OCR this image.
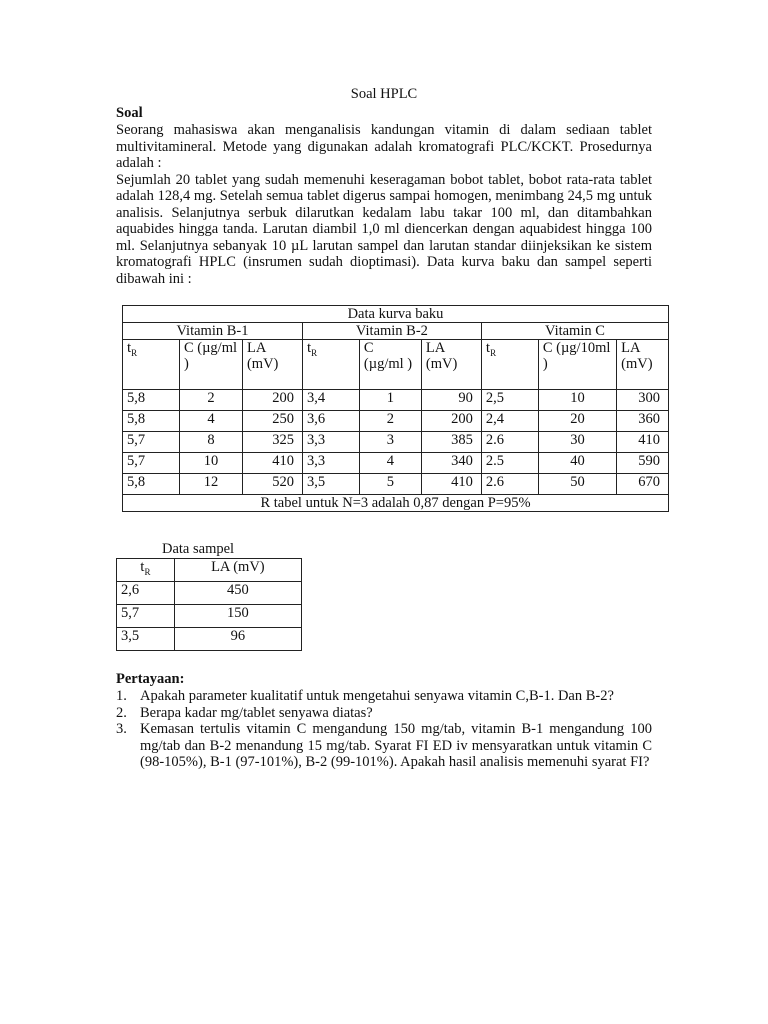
Soal HPLC

Soal

Seorang mahasiswa akan menganalisis kandungan vitamin di dalam sediaan tablet multivitamineral. Metode yang digunakan adalah kromatografi PLC/KCKT. Prosedurnya adalah :

Sejumlah 20 tablet yang sudah memenuhi keseragaman bobot tablet, bobot rata-rata tablet adalah 128,4 mg. Setelah semua tablet digerus sampai homogen, menimbang 24,5 mg untuk analisis. Selanjutnya serbuk dilarutkan kedalam labu takar 100 ml, dan ditambahkan aquabides hingga tanda. Larutan diambil 1,0 ml diencerkan dengan aquabidest hingga 100 ml. Selanjutnya sebanyak 10 µL larutan sampel dan larutan standar diinjeksikan ke sistem kromatografi HPLC (insrumen sudah dioptimasi). Data kurva baku dan sampel seperti dibawah ini :

Data kurva baku								
Vitamin B-1			Vitamin B-2			Vitamin C		
$t_R$	C (µg/ml )	LA (mV)	$t_R$	C (µg/ml )	LA (mV)	$t_R$	C (µg/10ml )	LA (mV)
5,8	2	200	3,4	1	90	2,5	10	300
5,8	4	250	3,6	2	200	2,4	20	360
5,7	8	325	3,3	3	385	2.6	30	410
5,7	10	410	3,3	4	340	2.5	40	590
5,8	12	520	3,5	5	410	2.6	50	670
R tabel untuk N=3 adalah 0,87 dengan P=95%								
Data sampel
$t_R$	LA (mV)
2,6	450
5,7	150
3,5	96

Pertayaan:

1. Apakah parameter kualitatif untuk mengetahui senyawa vitamin C,B-1. Dan B-2?
2. Berapa kadar mg/tablet senyawa diatas?
3. Kemasan tertulis vitamin C mengandung 150 mg/tab, vitamin B-1 mengandung 100 mg/tab dan B-2 menandung 15 mg/tab. Syarat FI ED iv mensyaratkan untuk vitamin C (98-105%), B-1 (97-101%), B-2 (99-101%). Apakah hasil analisis memenuhi syarat FI?
